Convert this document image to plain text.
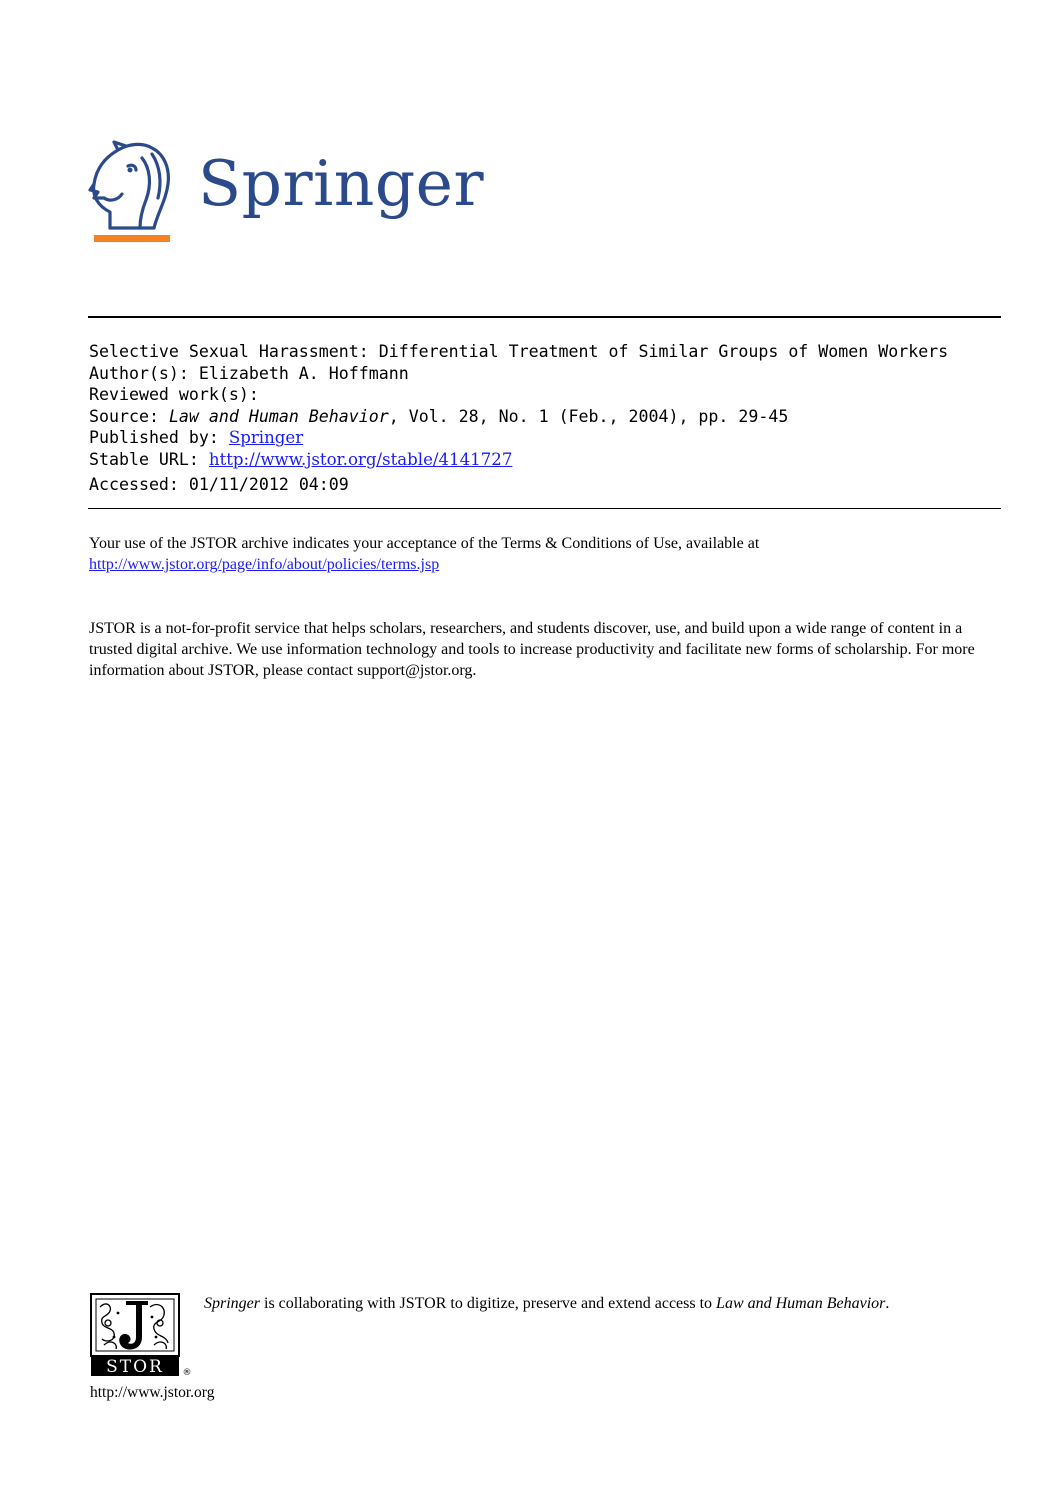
Springer
Selective Sexual Harassment: Differential Treatment of Similar Groups of Women Workers
Author(s): Elizabeth A. Hoffmann
Reviewed work(s):
Source: Law and Human Behavior, Vol. 28, No. 1 (Feb., 2004), pp. 29-45
Published by: Springer
Stable URL: http://www.jstor.org/stable/4141727
Accessed: 01/11/2012 04:09
Your use of the JSTOR archive indicates your acceptance of the Terms & Conditions of Use, available at
http://www.jstor.org/page/info/about/policies/terms.jsp
JSTOR is a not-for-profit service that helps scholars, researchers, and students discover, use, and build upon a wide range of content in a trusted digital archive. We use information technology and tools to increase productivity and facilitate new forms of scholarship. For more information about JSTOR, please contact support@jstor.org.
STOR ®
Springer is collaborating with JSTOR to digitize, preserve and extend access to Law and Human Behavior.
http://www.jstor.org
